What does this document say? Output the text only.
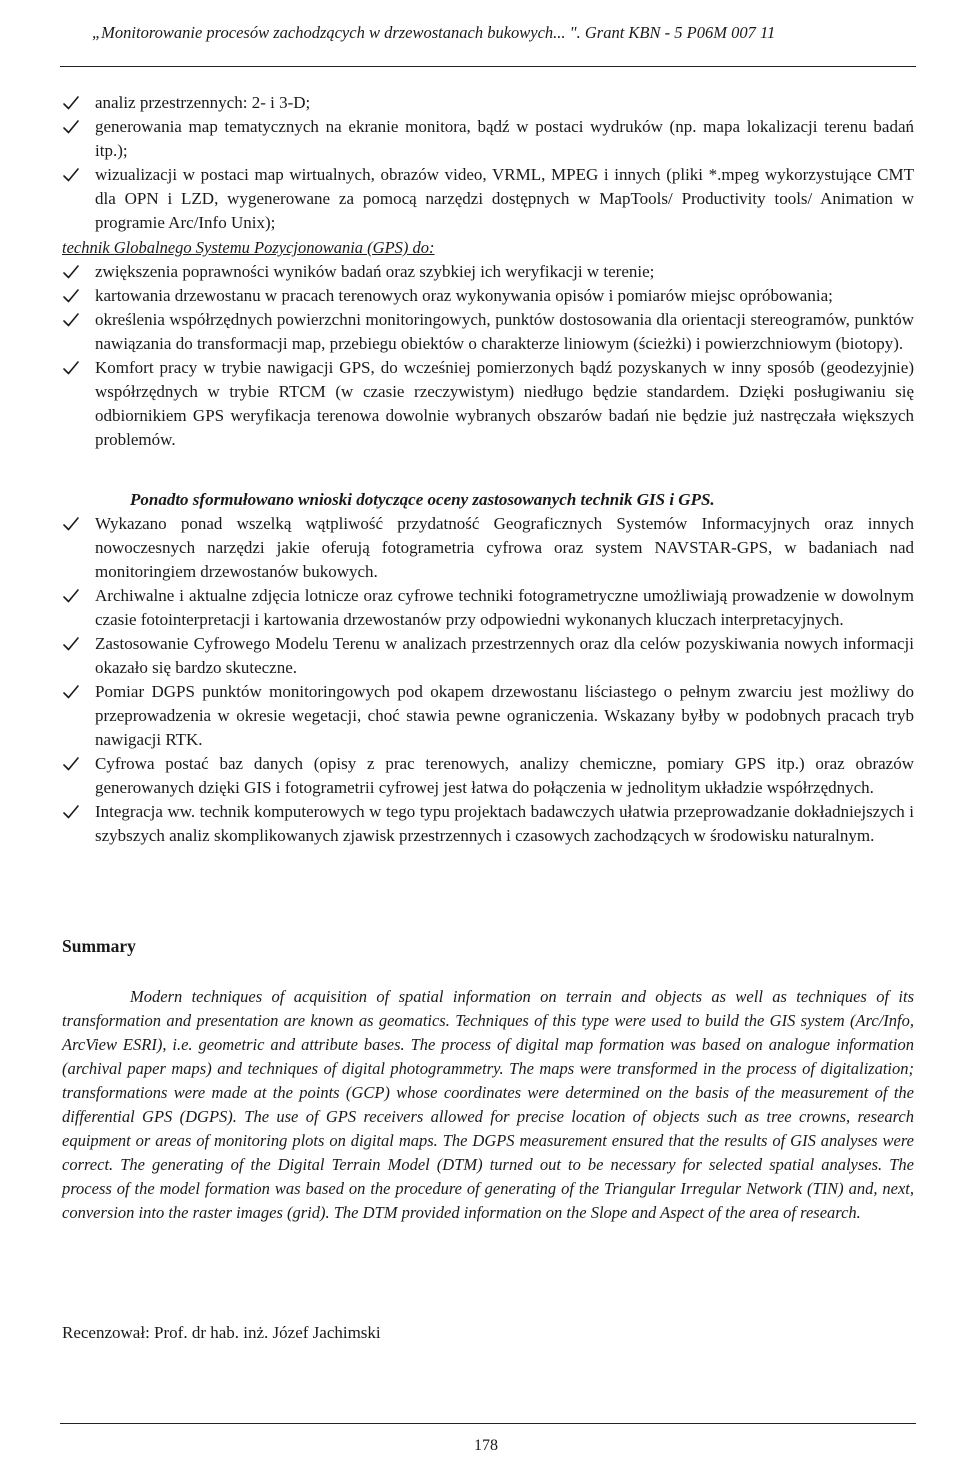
„Monitorowanie procesów zachodzących w drzewostanach bukowych... ". Grant KBN - 5 P06M 007 11
analiz przestrzennych: 2- i 3-D;
generowania map tematycznych na ekranie monitora, bądź w postaci wydruków (np. mapa lokalizacji terenu badań itp.);
wizualizacji w postaci map wirtualnych, obrazów video, VRML, MPEG i innych (pliki *.mpeg wykorzystujące CMT dla OPN i LZD, wygenerowane za pomocą narzędzi dostępnych w MapTools/ Productivity tools/ Animation w programie Arc/Info Unix);
technik Globalnego Systemu Pozycjonowania (GPS) do:
zwiększenia poprawności wyników badań oraz szybkiej ich weryfikacji w terenie;
kartowania drzewostanu w pracach terenowych oraz wykonywania opisów i pomiarów miejsc opróbowania;
określenia współrzędnych powierzchni monitoringowych, punktów dostosowania dla orientacji stereogramów, punktów nawiązania do transformacji map, przebiegu obiektów o charakterze liniowym (ścieżki) i powierzchniowym (biotopy).
Komfort pracy w trybie nawigacji GPS, do wcześniej pomierzonych bądź pozyskanych w inny sposób (geodezyjnie) współrzędnych w trybie RTCM (w czasie rzeczywistym) niedługo będzie standardem. Dzięki posługiwaniu się odbiornikiem GPS weryfikacja terenowa dowolnie wybranych obszarów badań nie będzie już nastręczała większych problemów.
Ponadto sformułowano wnioski dotyczące oceny zastosowanych technik GIS i GPS.
Wykazano ponad wszelką wątpliwość przydatność Geograficznych Systemów Informacyjnych oraz innych nowoczesnych narzędzi jakie oferują fotogrametria cyfrowa oraz system NAVSTAR-GPS, w badaniach nad monitoringiem drzewostanów bukowych.
Archiwalne i aktualne zdjęcia lotnicze oraz cyfrowe techniki fotogrametryczne umożliwiają prowadzenie w dowolnym czasie fotointerpretacji i kartowania drzewostanów przy odpowiedni wykonanych kluczach interpretacyjnych.
Zastosowanie Cyfrowego Modelu Terenu w analizach przestrzennych oraz dla celów pozyskiwania nowych informacji okazało się bardzo skuteczne.
Pomiar DGPS punktów monitoringowych pod okapem drzewostanu liściastego o pełnym zwarciu jest możliwy do przeprowadzenia w okresie wegetacji, choć stawia pewne ograniczenia. Wskazany byłby w podobnych pracach tryb nawigacji RTK.
Cyfrowa postać baz danych (opisy z prac terenowych, analizy chemiczne, pomiary GPS itp.) oraz obrazów generowanych dzięki GIS i fotogrametrii cyfrowej jest łatwa do połączenia w jednolitym układzie współrzędnych.
Integracja ww. technik komputerowych w tego typu projektach badawczych ułatwia przeprowadzanie dokładniejszych i szybszych analiz skomplikowanych zjawisk przestrzennych i czasowych zachodzących w środowisku naturalnym.
Summary

Modern techniques of acquisition of spatial information on terrain and objects as well as techniques of its transformation and presentation are known as geomatics. Techniques of this type were used to build the GIS system (Arc/Info, ArcView ESRI), i.e. geometric and attribute bases. The process of digital map formation was based on analogue information (archival paper maps) and techniques of digital photogrammetry. The maps were transformed in the process of digitalization; transformations were made at the points (GCP) whose coordinates were determined on the basis of the measurement of the differential GPS (DGPS). The use of GPS receivers allowed for precise location of objects such as tree crowns, research equipment or areas of monitoring plots on digital maps. The DGPS measurement ensured that the results of GIS analyses were correct. The generating of the Digital Terrain Model (DTM) turned out to be necessary for selected spatial analyses. The process of the model formation was based on the procedure of generating of the Triangular Irregular Network (TIN) and, next, conversion into the raster images (grid). The DTM provided information on the Slope and Aspect of the area of research.

Recenzował: Prof. dr hab. inż. Józef Jachimski
178
